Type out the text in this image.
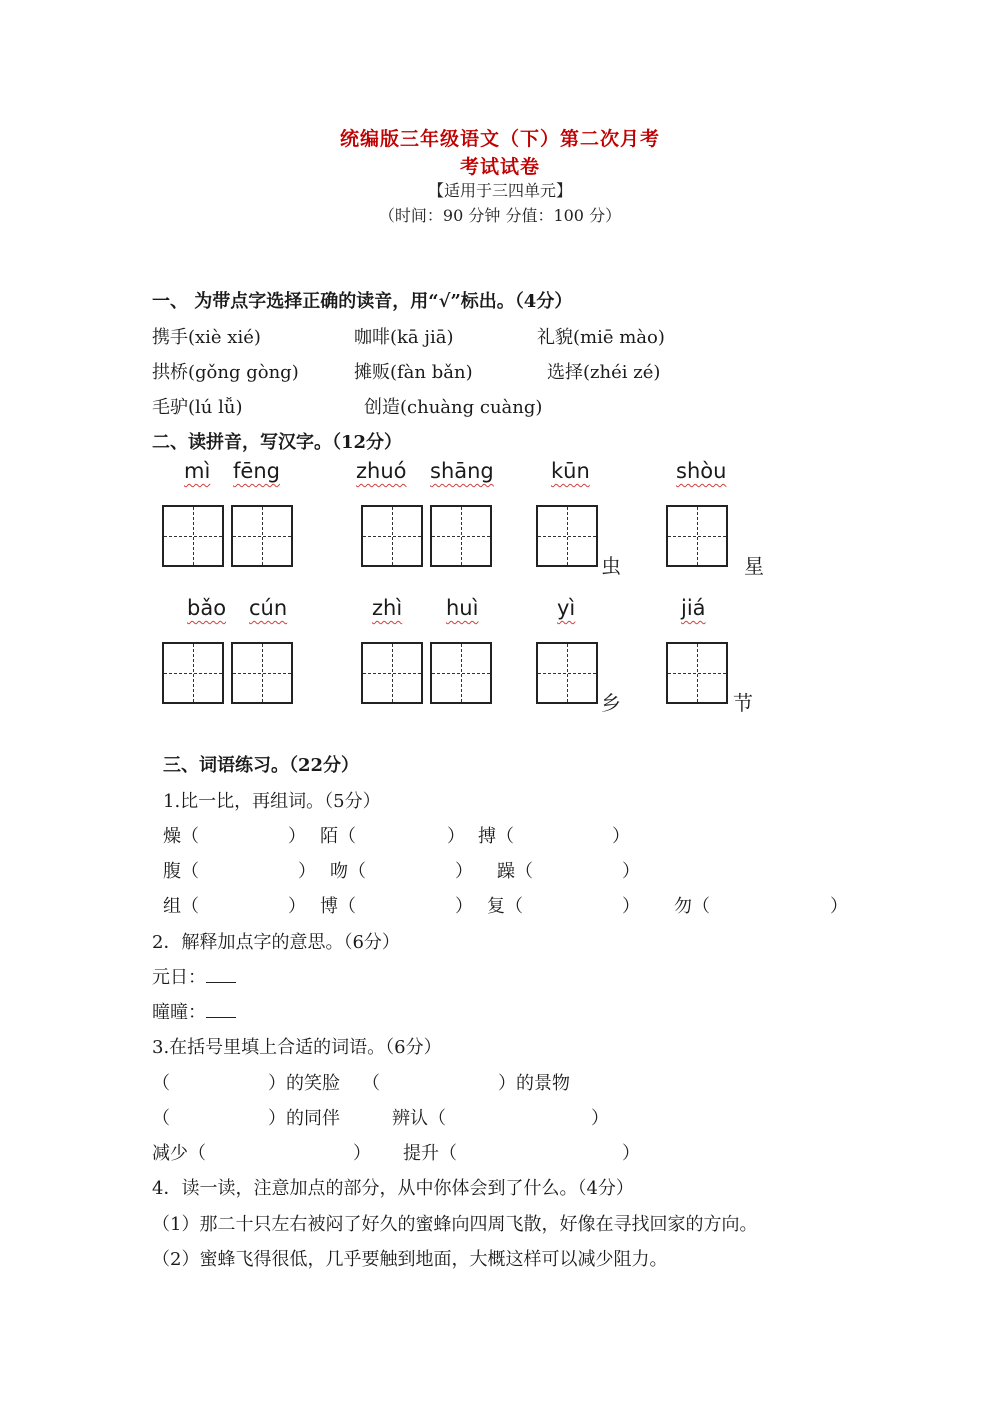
统编版三年级语文（下）第二次月考
考试试卷
【适用于三四单元】
（时间：90 分钟 分值：100 分）
一、 为带点字选择正确的读音，用“√”标出。（4分）
携手(xiè xié)	咖啡(kā jiā)	礼貌(miē mào)
拱桥(gǒng gòng)	摊贩(fàn bǎn)	选择(zhéi zé)
毛驴(lú lǚ)	创造(chuàng cuàng)
二、读拼音，写汉字。（12分）
mì fēng	zhuó shāng	kūn	shòu
虫	星
bǎo cún	zhì huì	yì	jiá
乡	节
三、词语练习。（22分）
1.比一比，再组词。（5分）
燥（	） 陌（	） 搏（	）
腹（	） 吻（	） 躁（	）
组（	） 博（	） 复（	） 勿（	）
2．解释加点字的意思。（6分）
元日：
曈曈：
3.在括号里填上合适的词语。（6分）
（	）的笑脸 （	）的景物
（	）的同伴	辨认（	）
减少（	） 提升（	）
4．读一读，注意加点的部分，从中你体会到了什么。（4分）
（1）那二十只左右被闷了好久的蜜蜂向四周飞散，好像在寻找回家的方向。
（2）蜜蜂飞得很低，几乎要触到地面，大概这样可以减少阻力。
